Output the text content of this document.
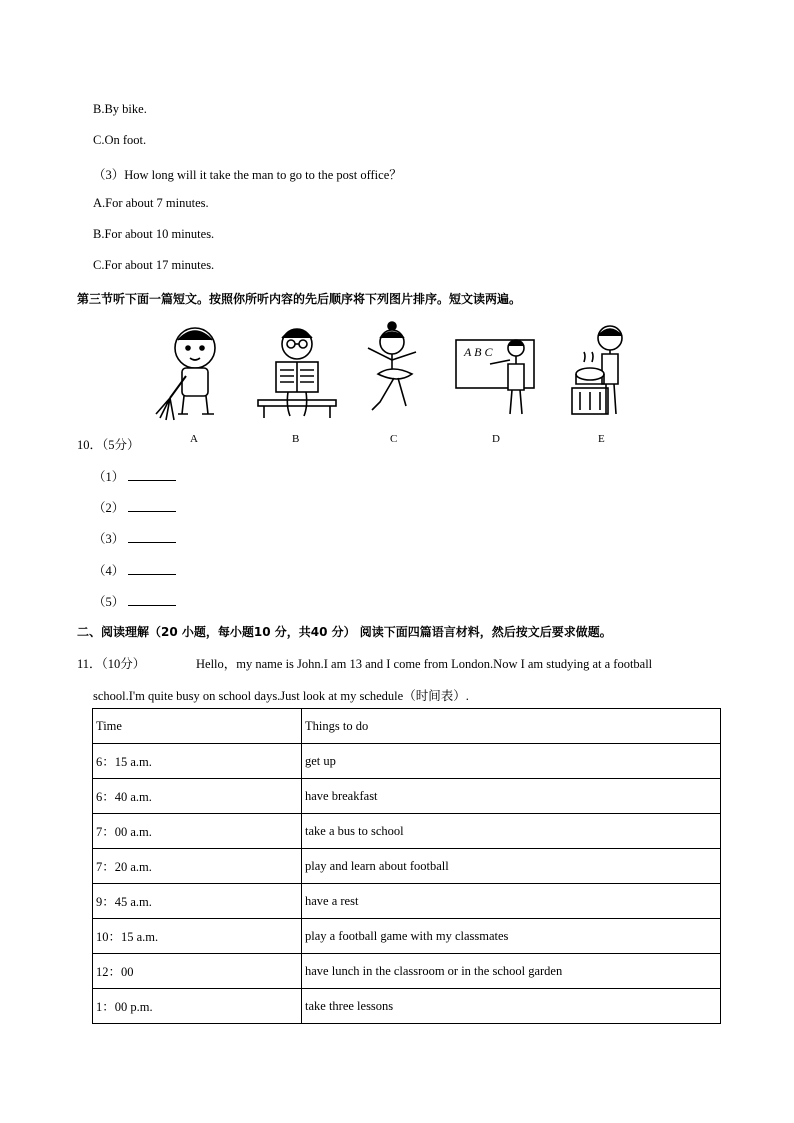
B.By bike.
C.On foot.
（3）How long will it take the man to go to the post office？
A.For about 7 minutes.
B.For about 10 minutes.
C.For about 17 minutes.
第三节听下面一篇短文。按照你所听内容的先后顺序将下列图片排序。短文读两遍。
A	B	C
A B C
D	E
10．（5分）
（1）
（2）
（3）
（4）
（5）
二、阅读理解（20 小题，每小题10 分，共40 分） 阅读下面四篇语言材料，然后按文后要求做题。
11．（10分）	Hello，my name is John.I am 13 and I come from London.Now I am studying at a football
school.I'm quite busy on school days.Just look at my schedule（时间表）.
Time	Things to do
6：15 a.m.	get up
6：40 a.m.	have breakfast
7：00 a.m.	take a bus to school
7：20 a.m.	play and learn about football
9：45 a.m.	have a rest
10：15 a.m.	play a football game with my classmates
12：00	have lunch in the classroom or in the school garden
1：00 p.m.	take three lessons
